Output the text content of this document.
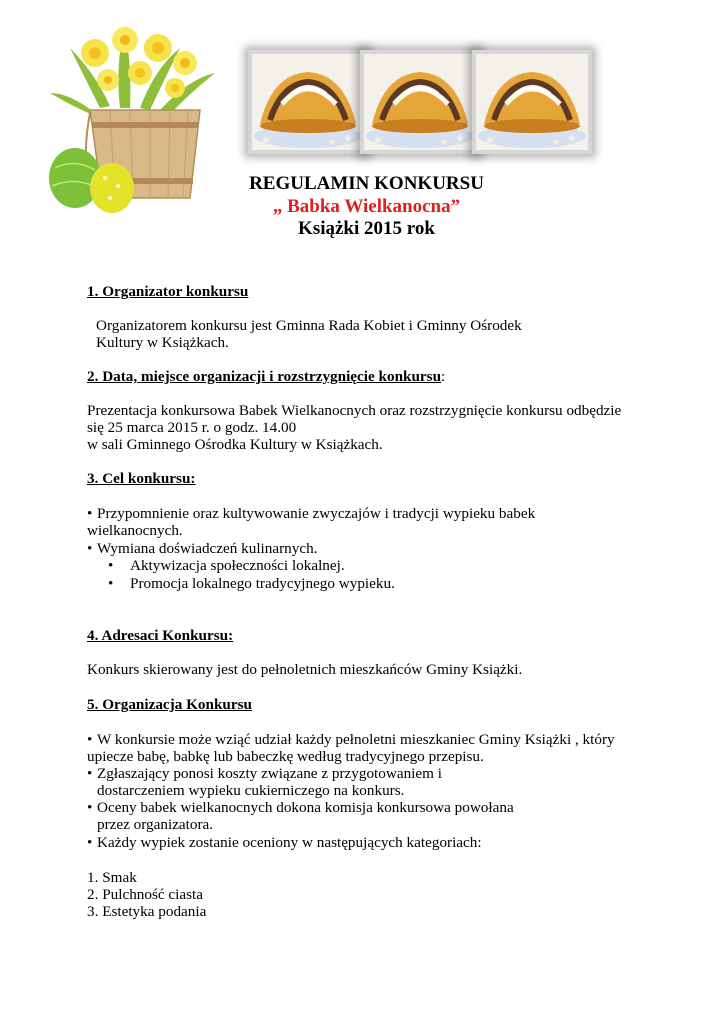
REGULAMIN KONKURSU
„ Babka Wielkanocna”
Książki 2015 rok
1. Organizator konkursu
Organizatorem konkursu jest Gminna Rada Kobiet i Gminny Ośrodek
Kultury w Książkach.
2. Data, miejsce organizacji i rozstrzygnięcie konkursu:
Prezentacja konkursowa Babek Wielkanocnych oraz rozstrzygnięcie konkursu odbędzie
się 25 marca 2015 r. o godz. 14.00
w sali Gminnego Ośrodka Kultury w Książkach.
3. Cel konkursu:
• Przypomnienie oraz kultywowanie zwyczajów i tradycji wypieku babek
wielkanocnych.
• Wymiana doświadczeń kulinarnych.
• Aktywizacja społeczności lokalnej.
• Promocja lokalnego tradycyjnego wypieku.
4. Adresaci Konkursu:
Konkurs skierowany jest do pełnoletnich mieszkańców Gminy Książki.
5. Organizacja Konkursu
• W konkursie może wziąć udział każdy pełnoletni mieszkaniec Gminy Książki , który
upiecze babę, babkę lub babeczkę według tradycyjnego przepisu.
• Zgłaszający ponosi koszty związane z przygotowaniem i
dostarczeniem wypieku cukierniczego na konkurs.
• Oceny babek wielkanocnych dokona komisja konkursowa powołana
przez organizatora.
• Każdy wypiek zostanie oceniony w następujących kategoriach:
1. Smak
2. Pulchność ciasta
3. Estetyka podania
